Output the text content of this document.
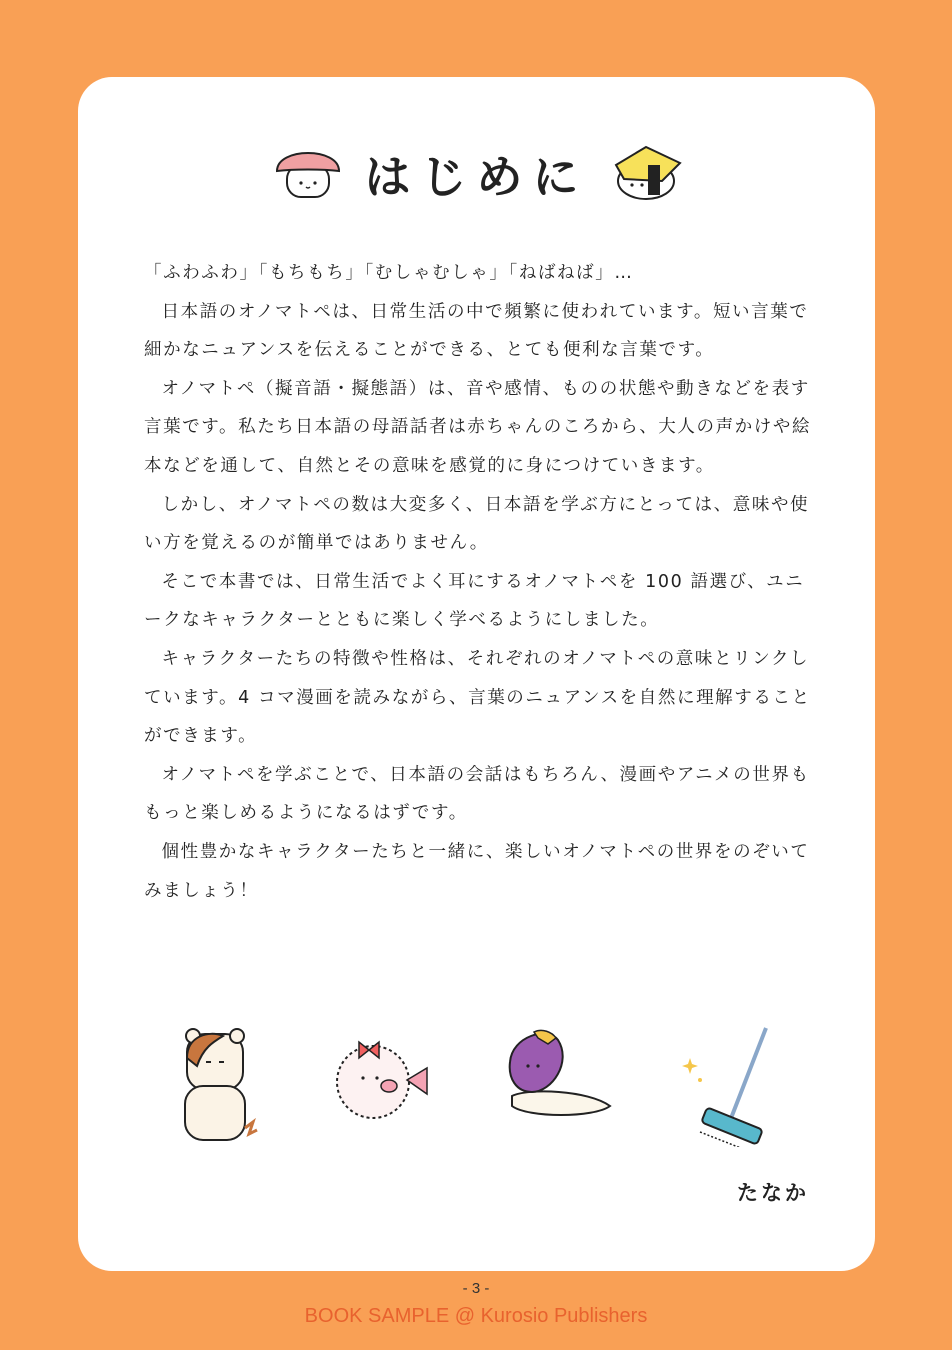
はじめに

「ふわふわ」「もちもち」「むしゃむしゃ」「ねばねば」…

日本語のオノマトペは、日常生活の中で頻繁に使われています。短い言葉で細かなニュアンスを伝えることができる、とても便利な言葉です。

オノマトペ（擬音語・擬態語）は、音や感情、ものの状態や動きなどを表す言葉です。私たち日本語の母語話者は赤ちゃんのころから、大人の声かけや絵本などを通して、自然とその意味を感覚的に身につけていきます。

しかし、オノマトペの数は大変多く、日本語を学ぶ方にとっては、意味や使い方を覚えるのが簡単ではありません。

そこで本書では、日常生活でよく耳にするオノマトペを 100 語選び、ユニークなキャラクターとともに楽しく学べるようにしました。

キャラクターたちの特徴や性格は、それぞれのオノマトペの意味とリンクしています。4 コマ漫画を読みながら、言葉のニュアンスを自然に理解することができます。

オノマトペを学ぶことで、日本語の会話はもちろん、漫画やアニメの世界ももっと楽しめるようになるはずです。

個性豊かなキャラクターたちと一緒に、楽しいオノマトペの世界をのぞいてみましょう！

たなか
- 3 -
BOOK SAMPLE @ Kurosio Publishers
